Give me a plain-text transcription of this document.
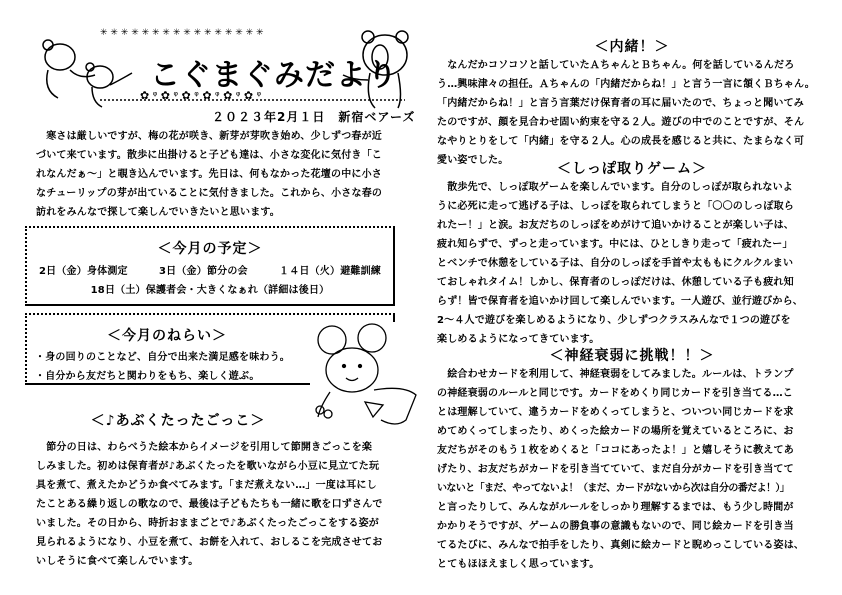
✳ ✳ ✳ ✳ ✳ ✳ ✳ ✳ ✳ ✳ ✳ ✳ ✳ ✳ ✳ ✳
✿ ᵠ ✿ ᵠ ✿ ᵠ ✿ ᵠ ✿ ᵠ ✿ ᵠ
こぐまぐみだより
２０２３年2月１日　 新宿ベアーズ
　寒さは厳しいですが、梅の花が咲き、新芽が芽吹き始め、少しずつ春が近
づいて来ています。散歩に出掛けると子ども達は、小さな変化に気付き「こ
れなんだぁ～」と覗き込んでいます。先日は、何もなかった花壇の中に小さ
なチューリップの芽が出ていることに気付きました。これから、小さな春の
訪れをみんなで探して楽しんでいきたいと思います。
＜今月の予定＞
2日（金）身体測定	3日（金）節分の会	１４日（火）避難訓練
18日（土）保護者会・大きくなぁれ（詳細は後日）
＜今月のねらい＞
・身の回りのことなど、自分で出来た満足感を味わう。
・自分から友だちと関わりをもち、楽しく遊ぶ。
＜♪あぶくたったごっこ＞
　節分の日は、わらべうた絵本からイメージを引用して節開きごっこを楽
しみました。初めは保育者が♪あぶくたったを歌いながら小豆に見立てた玩
具を煮て、煮えたかどうか食べてみます。「まだ煮えない…」一度は耳にし
たことある繰り返しの歌なので、最後は子どもたちも一緒に歌を口ずさんで
いました。その日から、時折おままごとで♪あぶくたったごっこをする姿が
見られるようになり、小豆を煮て、お餅を入れて、おしるこを完成させてお
いしそうに食べて楽しんでいます。
＜内緒！＞
　なんだかコソコソと話していたＡちゃんとＢちゃん。何を話しているんだろ
う…興味津々の担任。Ａちゃんの「内緒だからね！」と言う一言に頷くＢちゃん。
「内緒だからね！」と言う言葉だけ保育者の耳に届いたので、ちょっと聞いてみ
たのですが、顔を見合わせ固い約束を守る２人。遊びの中でのことですが、そん
なやりとりをして「内緒」を守る２人。心の成長を感じると共に、たまらなく可
愛い姿でした。
＜しっぽ取りゲーム＞
　散歩先で、しっぽ取ゲームを楽しんでいます。自分のしっぽが取られないよ
うに必死に走って逃げる子は、しっぽを取られてしまうと「〇〇のしっぽ取ら
れたー！」と涙。お友だちのしっぽをめがけて追いかけることが楽しい子は、
疲れ知らずで、ずっと走っています。中には、ひとしきり走って「疲れたー」
とベンチで休憩をしている子は、自分のしっぽを手首や太ももにクルクルまい
ておしゃれタイム！しかし、保育者のしっぽだけは、休憩している子も疲れ知
らず！皆で保育者を追いかけ回して楽しんでいます。一人遊び、並行遊びから、
2～４人で遊びを楽しめるようになり、少しずつクラスみんなで１つの遊びを
楽しめるようになってきています。
＜神経衰弱に挑戦！！＞
　絵合わせカードを利用して、神経衰弱をしてみました。ルールは、トランプ
の神経衰弱のルールと同じです。カードをめくり同じカードを引き当てる…こ
とは理解していて、違うカードをめくってしまうと、ついつい同じカードを求
めてめくってしまったり、めくった絵カードの場所を覚えているところに、お
友だちがそのもう１枚をめくると「ココにあったよ！」と嬉しそうに教えてあ
げたり、お友だちがカードを引き当てていて、まだ自分がカードを引き当てて
いないと「まだ、やってないよ！（まだ、カードがないから次は自分の番だよ！）」
と言ったりして、みんながルールをしっかり理解するまでは、もう少し時間が
かかりそうですが、ゲームの勝負事の意識もないので、同じ絵カードを引き当
てるたびに、みんなで拍手をしたり、真剣に絵カードと睨めっこしている姿は、
とてもほほえましく思っています。
